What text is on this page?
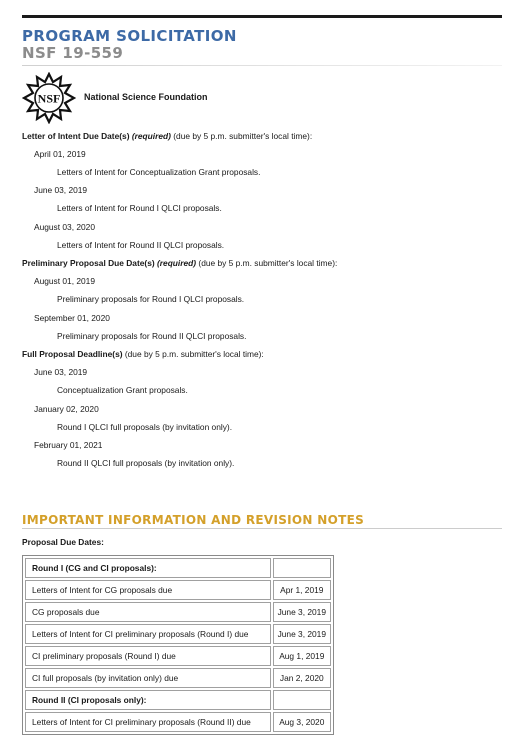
PROGRAM SOLICITATION
NSF 19-559
NSF	National Science Foundation
Letter of Intent Due Date(s) (required) (due by 5 p.m. submitter's local time):
April 01, 2019
Letters of Intent for Conceptualization Grant proposals.
June 03, 2019
Letters of Intent for Round I QLCI proposals.
August 03, 2020
Letters of Intent for Round II QLCI proposals.
Preliminary Proposal Due Date(s) (required) (due by 5 p.m. submitter's local time):
August 01, 2019
Preliminary proposals for Round I QLCI proposals.
September 01, 2020
Preliminary proposals for Round II QLCI proposals.
Full Proposal Deadline(s) (due by 5 p.m. submitter's local time):
June 03, 2019
Conceptualization Grant proposals.
January 02, 2020
Round I QLCI full proposals (by invitation only).
February 01, 2021
Round II QLCI full proposals (by invitation only).
IMPORTANT INFORMATION AND REVISION NOTES
Proposal Due Dates:
Round I (CG and CI proposals):	
Letters of Intent for CG proposals due	Apr 1, 2019
CG proposals due	June 3, 2019
Letters of Intent for CI preliminary proposals (Round I) due	June 3, 2019
CI preliminary proposals (Round I) due	Aug 1, 2019
CI full proposals (by invitation only) due	Jan 2, 2020
Round II (CI proposals only):	
Letters of Intent for CI preliminary proposals (Round II) due	Aug 3, 2020
